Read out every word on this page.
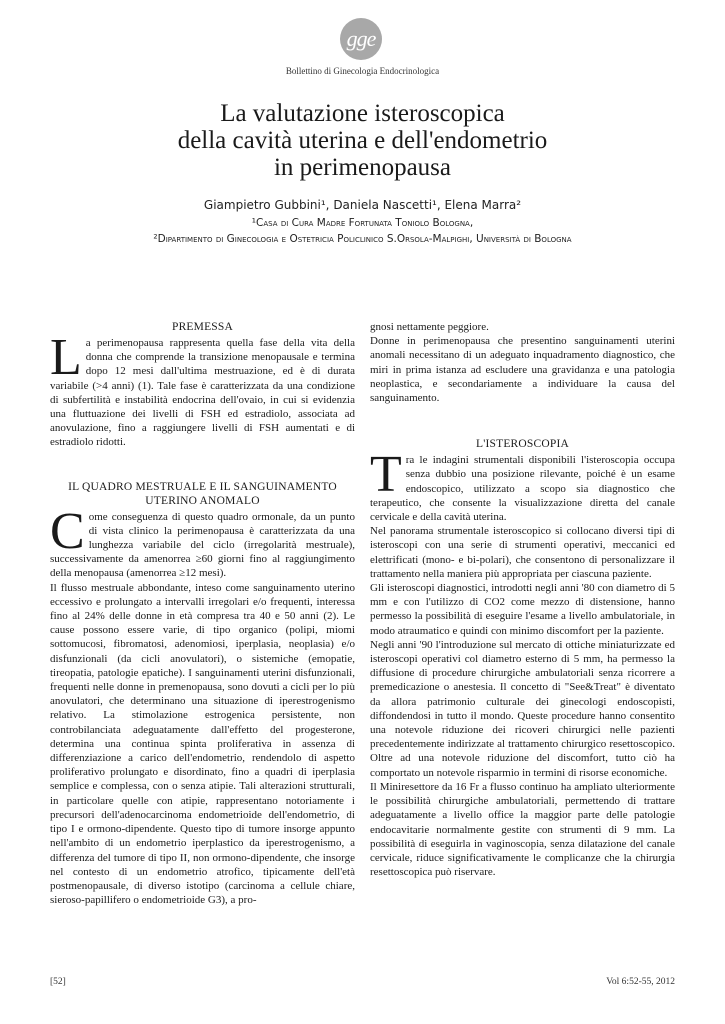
gge
Bollettino di Ginecologia Endocrinologica
La valutazione isteroscopica
della cavità uterina e dell'endometrio
in perimenopausa
Giampietro Gubbini¹, Daniela Nascetti¹, Elena Marra²
¹Casa di Cura Madre Fortunata Toniolo Bologna,
²Dipartimento di Ginecologia e Ostetricia Policlinico S.Orsola-Malpighi, Università di Bologna
PREMESSA

La perimenopausa rappresenta quella fase della vita della donna che comprende la transizione menopausale e termina dopo 12 mesi dall'ultima mestruazione, ed è di durata variabile (>4 anni) (1). Tale fase è caratterizzata da una condizione di subfertilità e instabilità endocrina dell'ovaio, in cui si evidenzia una fluttuazione dei livelli di FSH ed estradiolo, associata ad anovulazione, fino a raggiungere livelli di FSH aumentati e di estradiolo ridotti.

IL QUADRO MESTRUALE E IL SANGUINAMENTO UTERINO ANOMALO

Come conseguenza di questo quadro ormonale, da un punto di vista clinico la perimenopausa è caratterizzata da una lunghezza variabile del ciclo (irregolarità mestruale), successivamente da amenorrea ≥60 giorni fino al raggiungimento della menopausa (amenorrea ≥12 mesi).

Il flusso mestruale abbondante, inteso come sanguinamento uterino eccessivo e prolungato a intervalli irregolari e/o frequenti, interessa fino al 24% delle donne in età compresa tra 40 e 50 anni (2). Le cause possono essere varie, di tipo organico (polipi, miomi sottomucosi, fibromatosi, adenomiosi, iperplasia, neoplasia) e/o disfunzionali (da cicli anovulatori), o sistemiche (emopatie, tireopatia, patologie epatiche). I sanguinamenti uterini disfunzionali, frequenti nelle donne in premenopausa, sono dovuti a cicli per lo più anovulatori, che determinano una situazione di iperestrogenismo relativo. La stimolazione estrogenica persistente, non controbilanciata adeguatamente dall'effetto del progesterone, determina una continua spinta proliferativa in assenza di differenziazione a carico dell'endometrio, rendendolo di aspetto proliferativo prolungato e disordinato, fino a quadri di iperplasia semplice e complessa, con o senza atipie. Tali alterazioni strutturali, in particolare quelle con atipie, rappresentano notoriamente i precursori dell'adenocarcinoma endometrioide dell'endometrio, di tipo I e ormono-dipendente. Questo tipo di tumore insorge appunto nell'ambito di un endometrio iperplastico da iperestrogenismo, a differenza del tumore di tipo II, non ormono-dipendente, che insorge nel contesto di un endometrio atrofico, tipicamente dell'età postmenopausale, di diverso istotipo (carcinoma a cellule chiare, sieroso-papillifero o endometrioide G3), a pro-

gnosi nettamente peggiore.

Donne in perimenopausa che presentino sanguinamenti uterini anomali necessitano di un adeguato inquadramento diagnostico, che miri in prima istanza ad escludere una gravidanza e una patologia neoplastica, e secondariamente a individuare la causa del sanguinamento.

L'ISTEROSCOPIA

Tra le indagini strumentali disponibili l'isteroscopia occupa senza dubbio una posizione rilevante, poiché è un esame endoscopico, utilizzato a scopo sia diagnostico che terapeutico, che consente la visualizzazione diretta del canale cervicale e della cavità uterina.

Nel panorama strumentale isteroscopico si collocano diversi tipi di isteroscopi con una serie di strumenti operativi, meccanici ed elettrificati (mono- e bi-polari), che consentono di personalizzare il trattamento nella maniera più appropriata per ciascuna paziente.

Gli isteroscopi diagnostici, introdotti negli anni '80 con diametro di 5 mm e con l'utilizzo di CO2 come mezzo di distensione, hanno permesso la possibilità di eseguire l'esame a livello ambulatoriale, in modo atraumatico e quindi con minimo discomfort per la paziente.

Negli anni '90 l'introduzione sul mercato di ottiche miniaturizzate ed isteroscopi operativi col diametro esterno di 5 mm, ha permesso la diffusione di procedure chirurgiche ambulatoriali senza ricorrere a premedicazione o anestesia. Il concetto di "See&Treat" è diventato da allora patrimonio culturale dei ginecologi endoscopisti, diffondendosi in tutto il mondo. Queste procedure hanno consentito una notevole riduzione dei ricoveri chirurgici nelle pazienti precedentemente indirizzate al trattamento chirurgico resettoscopico. Oltre ad una notevole riduzione del discomfort, tutto ciò ha comportato un notevole risparmio in termini di risorse economiche.

Il Miniresettore da 16 Fr a flusso continuo ha ampliato ulteriormente le possibilità chirurgiche ambulatoriali, permettendo di trattare adeguatamente a livello office la maggior parte delle patologie endocavitarie normalmente gestite con strumenti di 9 mm. La possibilità di eseguirla in vaginoscopia, senza dilatazione del canale cervicale, riduce significativamente le complicanze che la chirurgia resettoscopica può riservare.

[52]	Vol 6:52-55, 2012
